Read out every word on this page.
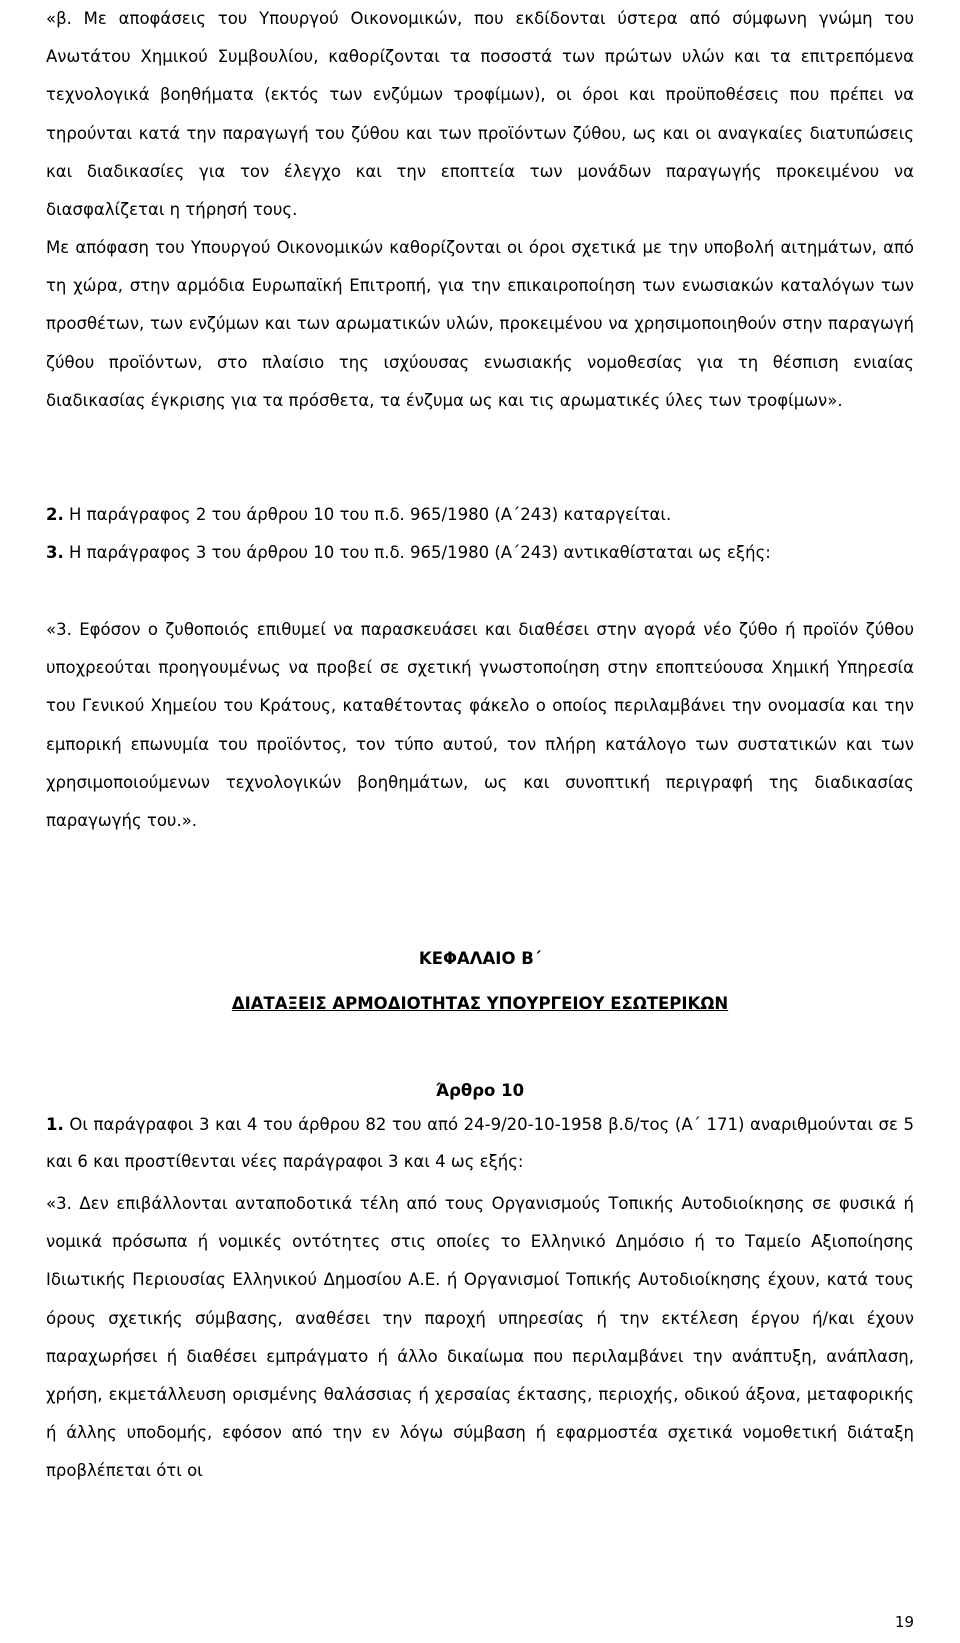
«β. Με αποφάσεις του Υπουργού Οικονομικών, που εκδίδονται ύστερα από σύμφωνη γνώμη του Ανωτάτου Χημικού Συμβουλίου, καθορίζονται τα ποσοστά των πρώτων υλών και τα επιτρεπόμενα τεχνολογικά βοηθήματα (εκτός των ενζύμων τροφίμων), οι όροι και προϋποθέσεις που πρέπει να τηρούνται κατά την παραγωγή του ζύθου και των προϊόντων ζύθου, ως και οι αναγκαίες διατυπώσεις και διαδικασίες για τον έλεγχο και την εποπτεία των μονάδων παραγωγής προκειμένου να διασφαλίζεται η τήρησή τους.

Με απόφαση του Υπουργού Οικονομικών καθορίζονται οι όροι σχετικά με την υποβολή αιτημάτων, από τη χώρα, στην αρμόδια Ευρωπαϊκή Επιτροπή, για την επικαιροποίηση των ενωσιακών καταλόγων των προσθέτων, των ενζύμων και των αρωματικών υλών, προκειμένου να χρησιμοποιηθούν στην παραγωγή ζύθου προϊόντων, στο πλαίσιο της ισχύουσας ενωσιακής νομοθεσίας για τη θέσπιση ενιαίας διαδικασίας έγκρισης για τα πρόσθετα, τα ένζυμα ως και τις αρωματικές ύλες των τροφίμων».

2. Η παράγραφος 2 του άρθρου 10 του π.δ. 965/1980 (Α΄243) καταργείται.

3. Η παράγραφος 3 του άρθρου 10 του π.δ. 965/1980 (Α΄243) αντικαθίσταται ως εξής:

«3. Εφόσον ο ζυθοποιός επιθυμεί να παρασκευάσει και διαθέσει στην αγορά νέο ζύθο ή προϊόν ζύθου υποχρεούται προηγουμένως να προβεί σε σχετική γνωστοποίηση στην εποπτεύουσα Χημική Υπηρεσία του Γενικού Χημείου του Κράτους, καταθέτοντας φάκελο ο οποίος περιλαμβάνει την ονομασία και την εμπορική επωνυμία του προϊόντος, τον τύπο αυτού, τον πλήρη κατάλογο των συστατικών και των χρησιμοποιούμενων τεχνολογικών βοηθημάτων, ως και συνοπτική περιγραφή της διαδικασίας παραγωγής του.».

ΚΕΦΑΛΑΙΟ Β΄

ΔΙΑΤΑΞΕΙΣ ΑΡΜΟΔΙΟΤΗΤΑΣ ΥΠΟΥΡΓΕΙΟΥ ΕΣΩΤΕΡΙΚΩΝ

Άρθρο 10

1. Οι παράγραφοι 3 και 4 του άρθρου 82 του από 24-9/20-10-1958 β.δ/τος (Α΄ 171) αναριθμούνται σε 5 και 6 και προστίθενται νέες παράγραφοι 3 και 4 ως εξής:

«3. Δεν επιβάλλονται ανταποδοτικά τέλη από τους Οργανισμούς Τοπικής Αυτοδιοίκησης σε φυσικά ή νομικά πρόσωπα ή νομικές οντότητες στις οποίες το Ελληνικό Δημόσιο ή το Ταμείο Αξιοποίησης Ιδιωτικής Περιουσίας Ελληνικού Δημοσίου Α.Ε. ή Οργανισμοί Τοπικής Αυτοδιοίκησης έχουν, κατά τους όρους σχετικής σύμβασης, αναθέσει την παροχή υπηρεσίας ή την εκτέλεση έργου ή/και έχουν παραχωρήσει ή διαθέσει εμπράγματο ή άλλο δικαίωμα που περιλαμβάνει την ανάπτυξη, ανάπλαση, χρήση, εκμετάλλευση ορισμένης θαλάσσιας ή χερσαίας έκτασης, περιοχής, οδικού άξονα, μεταφορικής ή άλλης υποδομής, εφόσον από την εν λόγω σύμβαση ή εφαρμοστέα σχετικά νομοθετική διάταξη προβλέπεται ότι οι

19
